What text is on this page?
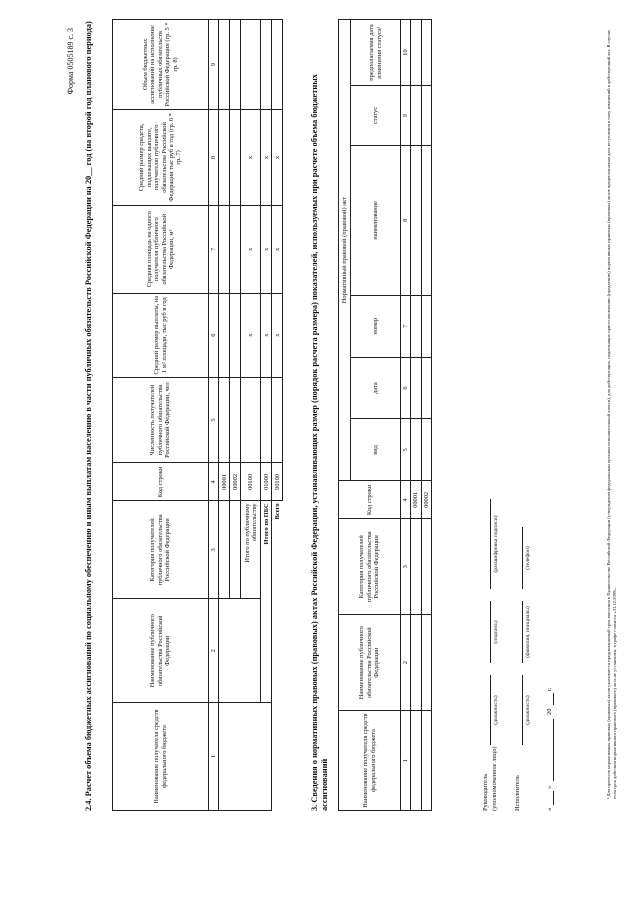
Форма 0505189 с. 3 2.4. Расчет объема бюджетных ассигнований по социальному обеспечению и иным выплатам населению в части публичных обязательств Российской Федерации на 20__ год (на второй год планового периода)	Наименование получателя средств федерального бюджета	Наименование публичного обязательства Российской Федерации	Категория получателей публичного обязательства Российской Федерации	Код строки	Численность получателей публичного обязательства Российской Федерации, чел	Средний размер выплаты, на 1 м² площади, тыс руб в год	Средняя площадь на одного получателя публичного обязательства Российской Федерации, м²	Средний размер средств, подлежащих выплате, получателю публичного обязательства Российской Федерации тыс руб в год (гр. 6 * гр. 7)	Объем бюджетных ассигнований на исполнение публичных обязательств Российской Федерации (гр. 5 * гр. 8)
1	2	3	4	5	6	7	8	9
			00001					
			00002					
		Итого по публичному обязательству	00100		x	x	x	
	Итого по ПБС		01000		x	x	x	
Всего			90100		x	x	x		3. Сведения о нормативных правовых (правовых) актах Российской Федерации, устанавливающих размер (порядок расчета размера) показателей, используемых при расчете объема бюджетных ассигнований	Наименование получателя средств федерального бюджета	Наименование публичного обязательства Российской Федерации	Категория получателей публичного обязательства Российской Федерации	Код строки	Нормативный правовой (правовой) акт					
				вид	дата	номер	наименование	статус	предполагаемая дата изменения статуса¹
1	2	3	4	5	6	7	8	9	10
			00001						
			00002						
Руководитель (уполномоченное лицо)
(должность)
(подпись)
(расшифровка подписи)
Исполнитель
(должность)
(фамилия, инициалы)
(телефон)
«
»
20
г.	¹ Для проектов нормативных правовых (правовых) актов указывается предполагаемый срок внесения в Правительство Российской Федерации (утверждения федеральным органом исполнительной власти), для действующих, подлежащих приостановлению (продлению) нормативных правовых (правовых) актов предполагаемая дата вступления в силу изменений в действующий акт. В случае, если срок действия нормативного правового (правового) акта не установлен, в графе ставится «31.12.2099».
